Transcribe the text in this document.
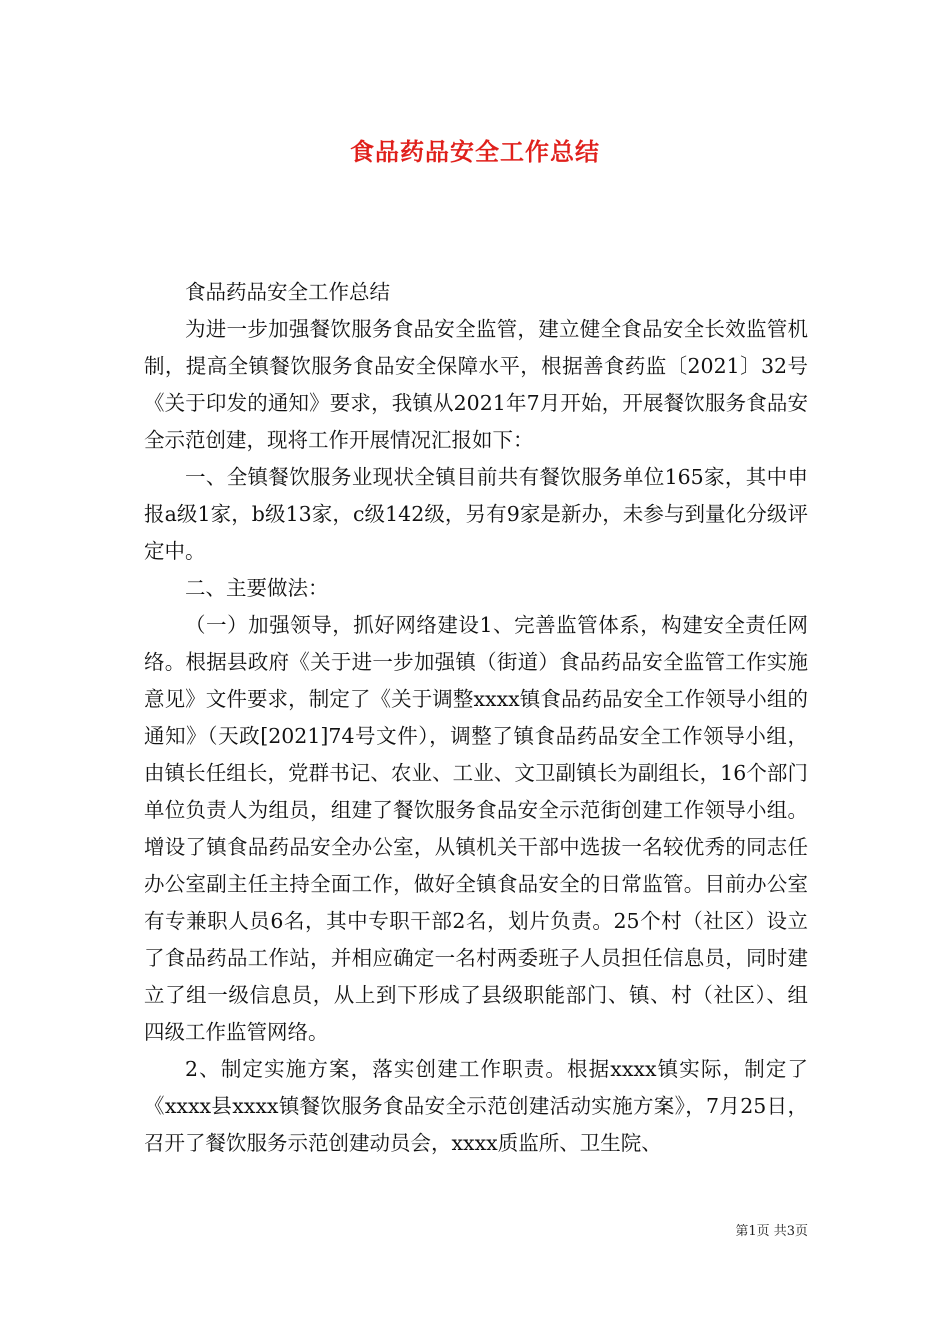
食品药品安全工作总结

食品药品安全工作总结

为进一步加强餐饮服务食品安全监管，建立健全食品安全长效监管机制，提高全镇餐饮服务食品安全保障水平，根据善食药监〔2021〕32号《关于印发的通知》要求，我镇从2021年7月开始，开展餐饮服务食品安全示范创建，现将工作开展情况汇报如下：

一、全镇餐饮服务业现状全镇目前共有餐饮服务单位165家，其中申报a级1家，b级13家，c级142级，另有9家是新办，未参与到量化分级评定中。

二、主要做法：

（一）加强领导，抓好网络建设1、完善监管体系，构建安全责任网络。根据县政府《关于进一步加强镇（街道）食品药品安全监管工作实施意见》文件要求，制定了《关于调整xxxx镇食品药品安全工作领导小组的通知》（天政[2021]74号文件），调整了镇食品药品安全工作领导小组，由镇长任组长，党群书记、农业、工业、文卫副镇长为副组长，16个部门单位负责人为组员，组建了餐饮服务食品安全示范街创建工作领导小组。增设了镇食品药品安全办公室，从镇机关干部中选拔一名较优秀的同志任办公室副主任主持全面工作，做好全镇食品安全的日常监管。目前办公室有专兼职人员6名，其中专职干部2名，划片负责。25个村（社区）设立了食品药品工作站，并相应确定一名村两委班子人员担任信息员，同时建立了组一级信息员，从上到下形成了县级职能部门、镇、村（社区）、组四级工作监管网络。

2、制定实施方案，落实创建工作职责。根据xxxx镇实际，制定了《xxxx县xxxx镇餐饮服务食品安全示范创建活动实施方案》，7月25日，召开了餐饮服务示范创建动员会，xxxx质监所、卫生院、

第1页 共3页
